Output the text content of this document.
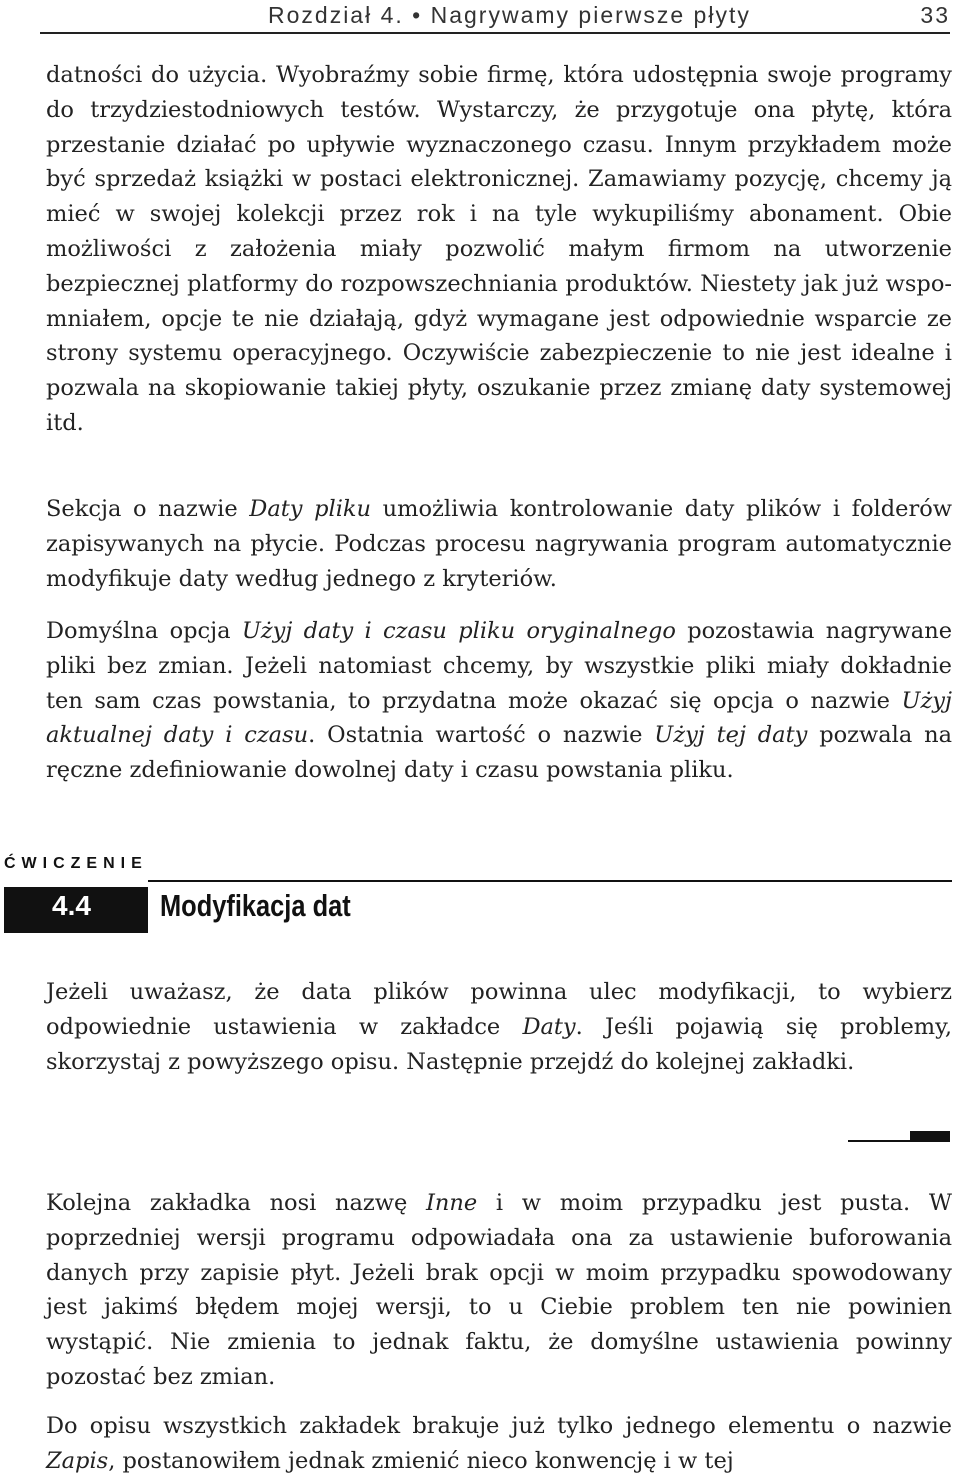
Rozdział 4. • Nagrywamy pierwsze płyty	33

datności do użycia. Wyobraźmy sobie firmę, która udostępnia swoje programy do trzydziestodniowych testów. Wystarczy, że przygotuje ona płytę, która przestanie działać po upływie wyznaczonego czasu. Innym przykładem może być sprzedaż książki w postaci elektronicznej. Zamawiamy pozycję, chcemy ją mieć w swojej kolekcji przez rok i na tyle wykupiliśmy abonament. Obie możliwości z założenia miały pozwolić małym firmom na utworzenie bezpiecznej platformy do rozpowszechniania produktów. Niestety jak już wspomniałem, opcje te nie działają, gdyż wymagane jest odpowiednie wsparcie ze strony systemu operacyjnego. Oczywiście zabezpieczenie to nie jest idealne i pozwala na skopiowanie takiej płyty, oszukanie przez zmianę daty systemowej itd.

Sekcja o nazwie Daty pliku umożliwia kontrolowanie daty plików i folderów zapisywanych na płycie. Podczas procesu nagrywania program automatycznie modyfikuje daty według jednego z kryteriów.

Domyślna opcja Użyj daty i czasu pliku oryginalnego pozostawia nagrywane pliki bez zmian. Jeżeli natomiast chcemy, by wszystkie pliki miały dokładnie ten sam czas powstania, to przydatna może okazać się opcja o nazwie Użyj aktualnej daty i czasu. Ostatnia wartość o nazwie Użyj tej daty pozwala na ręczne zdefiniowanie dowolnej daty i czasu powstania pliku.

ĆWICZENIE
4.4 Modyfikacja dat

Jeżeli uważasz, że data plików powinna ulec modyfikacji, to wybierz odpowiednie ustawienia w zakładce Daty. Jeśli pojawią się problemy, skorzystaj z powyższego opisu. Następnie przejdź do kolejnej zakładki.

Kolejna zakładka nosi nazwę Inne i w moim przypadku jest pusta. W poprzedniej wersji programu odpowiadała ona za ustawienie buforowania danych przy zapisie płyt. Jeżeli brak opcji w moim przypadku spowodowany jest jakimś błędem mojej wersji, to u Ciebie problem ten nie powinien wystąpić. Nie zmienia to jednak faktu, że domyślne ustawienia powinny pozostać bez zmian.

Do opisu wszystkich zakładek brakuje już tylko jednego elementu o nazwie Zapis, postanowiłem jednak zmienić nieco konwencję i w tej
